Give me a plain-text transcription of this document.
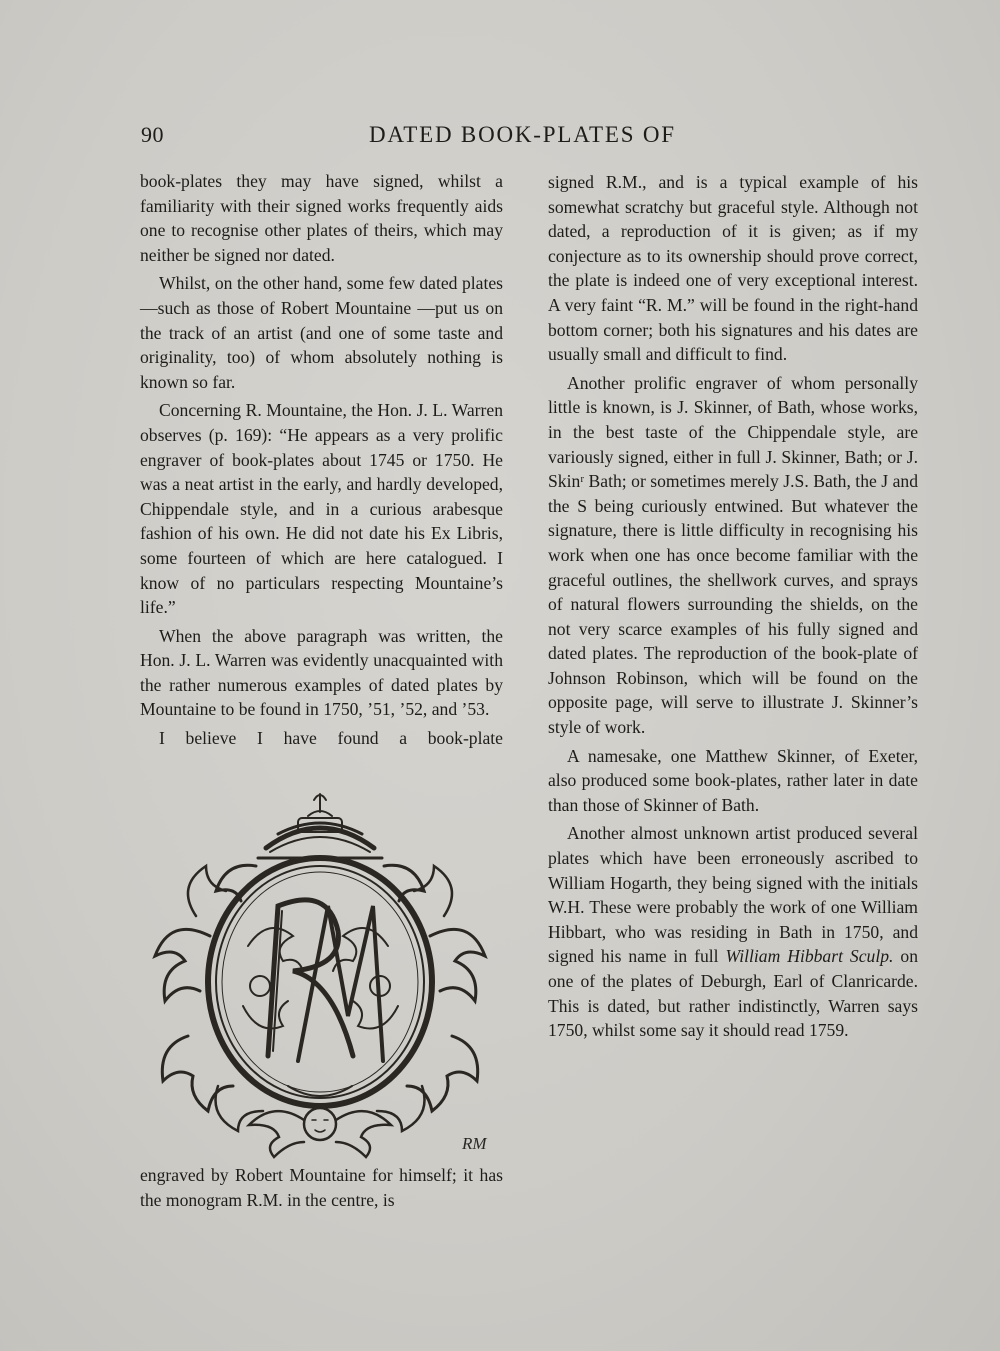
90	DATED BOOK-PLATES OF

book-plates they may have signed, whilst a familiarity with their signed works frequently aids one to recognise other plates of theirs, which may neither be signed nor dated.

Whilst, on the other hand, some few dated plates—such as those of Robert Mountaine —put us on the track of an artist (and one of some taste and originality, too) of whom absolutely nothing is known so far.

Concerning R. Mountaine, the Hon. J. L. Warren observes (p. 169): “He appears as a very prolific engraver of book-plates about 1745 or 1750. He was a neat artist in the early, and hardly developed, Chippendale style, and in a curious arabesque fashion of his own. He did not date his Ex Libris, some fourteen of which are here catalogued. I know of no particulars respecting Mountaine’s life.”

When the above paragraph was written, the Hon. J. L. Warren was evidently unacquainted with the rather numerous examples of dated plates by Mountaine to be found in 1750, ’51, ’52, and ’53.

I believe I have found a book-plate

RM

engraved by Robert Mountaine for himself; it has the monogram R.M. in the centre, is

signed R.M., and is a typical example of his somewhat scratchy but graceful style. Although not dated, a reproduction of it is given; as if my conjecture as to its ownership should prove correct, the plate is indeed one of very exceptional interest. A very faint “R. M.” will be found in the right-hand bottom corner; both his signatures and his dates are usually small and difficult to find.

Another prolific engraver of whom personally little is known, is J. Skinner, of Bath, whose works, in the best taste of the Chippendale style, are variously signed, either in full J. Skinner, Bath; or J. Skinʳ Bath; or sometimes merely J.S. Bath, the J and the S being curiously entwined. But whatever the signature, there is little difficulty in recognising his work when one has once become familiar with the graceful outlines, the shellwork curves, and sprays of natural flowers surrounding the shields, on the not very scarce examples of his fully signed and dated plates. The reproduction of the book-plate of Johnson Robinson, which will be found on the opposite page, will serve to illustrate J. Skinner’s style of work.

A namesake, one Matthew Skinner, of Exeter, also produced some book-plates, rather later in date than those of Skinner of Bath.

Another almost unknown artist produced several plates which have been erroneously ascribed to William Hogarth, they being signed with the initials W.H. These were probably the work of one William Hibbart, who was residing in Bath in 1750, and signed his name in full William Hibbart Sculp. on one of the plates of Deburgh, Earl of Clanricarde. This is dated, but rather indistinctly, Warren says 1750, whilst some say it should read 1759.
